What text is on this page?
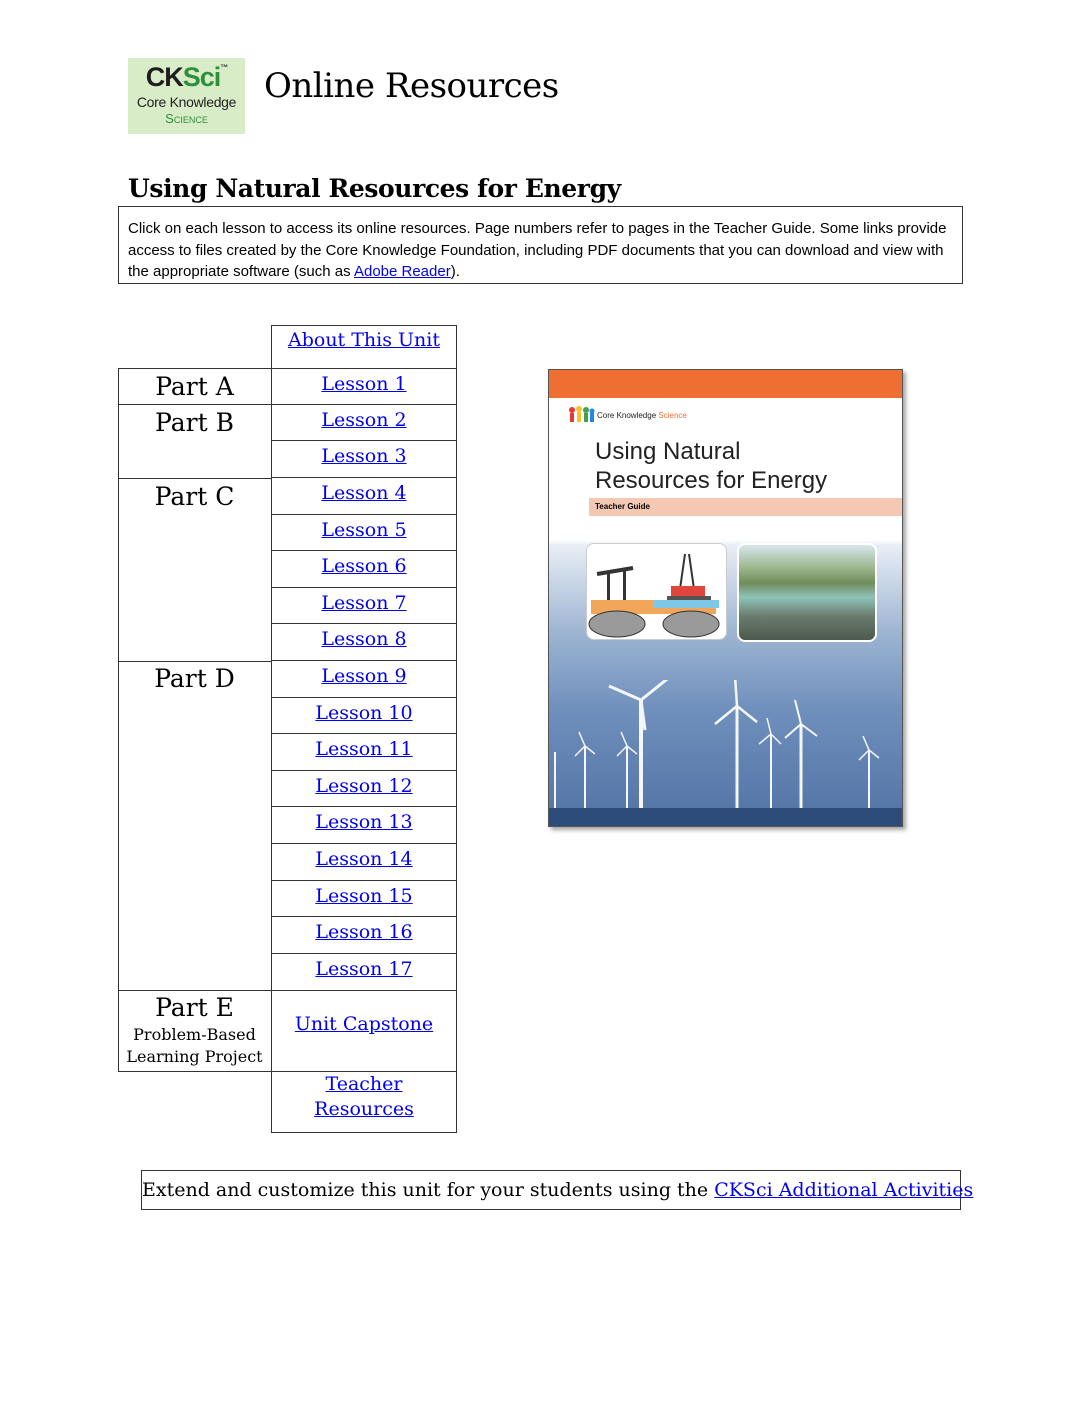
CKSci™
Core Knowledge
Science
Online Resources
Using Natural Resources for Energy
Click on each lesson to access its online resources. Page numbers refer to pages in the Teacher Guide. Some links provide access to files created by the Core Knowledge Foundation, including PDF documents that you can download and view with the appropriate software (such as Adobe Reader).
About This Unit
Part A
Part B
Part C
Part D
Part E
Problem-Based
Learning Project
Lesson 1
Lesson 2
Lesson 3
Lesson 4
Lesson 5
Lesson 6
Lesson 7
Lesson 8
Lesson 9
Lesson 10
Lesson 11
Lesson 12
Lesson 13
Lesson 14
Lesson 15
Lesson 16
Lesson 17
Unit Capstone
Teacher
Resources
Core Knowledge Science
Using Natural
Resources for Energy
Teacher Guide
Extend and customize this unit for your students using the CKSci Additional Activities
